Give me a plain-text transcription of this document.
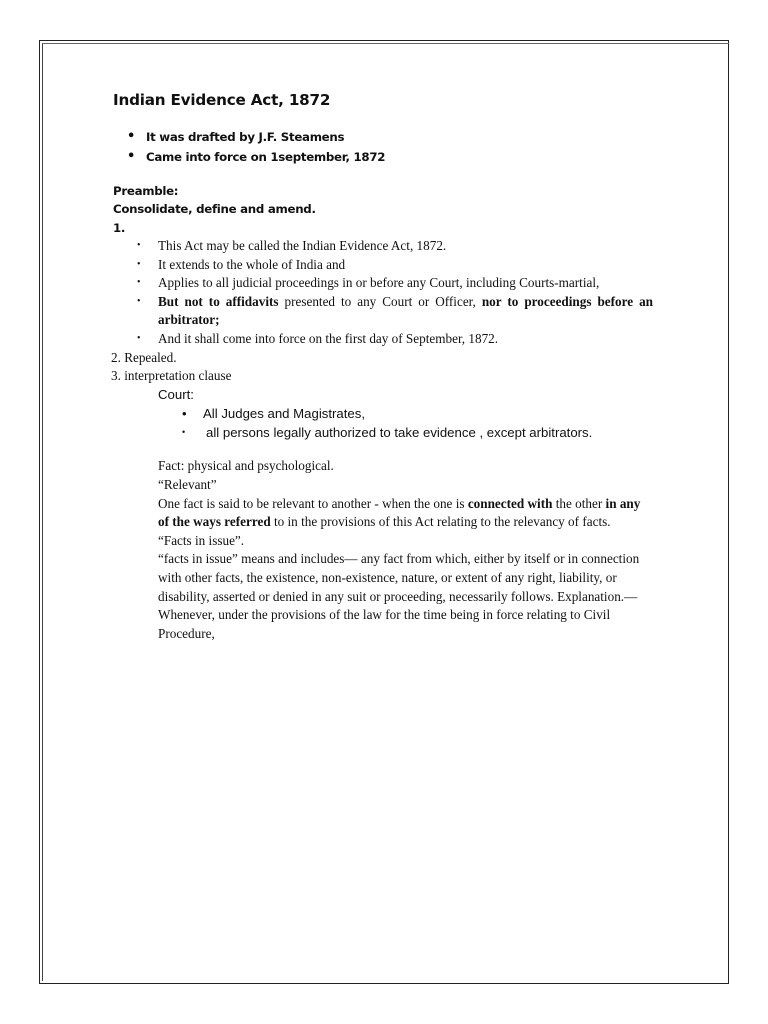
Indian Evidence Act, 1872
• It was drafted by J.F. Steamens
• Came into force on 1september, 1872
Preamble:
Consolidate, define and amend.
1.
• This Act may be called the Indian Evidence Act, 1872.
• It extends to the whole of India and
• Applies to all judicial proceedings in or before any Court, including Courts-martial,
• But not to affidavits presented to any Court or Officer, nor to proceedings before an arbitrator;
• And it shall come into force on the first day of September, 1872.

2. Repealed.

3. interpretation clause

Court:

• All Judges and Magistrates,
• all persons legally authorized to take evidence , except arbitrators.

Fact: physical and psychological.

“Relevant”

One fact is said to be relevant to another - when the one is connected with the other in any of the ways referred to in the provisions of this Act relating to the relevancy of facts.

“Facts in issue”.

“facts in issue” means and includes— any fact from which, either by itself or in connection with other facts, the existence, non-existence, nature, or extent of any right, liability, or disability, asserted or denied in any suit or proceeding, necessarily follows. Explanation.— Whenever, under the provisions of the law for the time being in force relating to Civil Procedure,
